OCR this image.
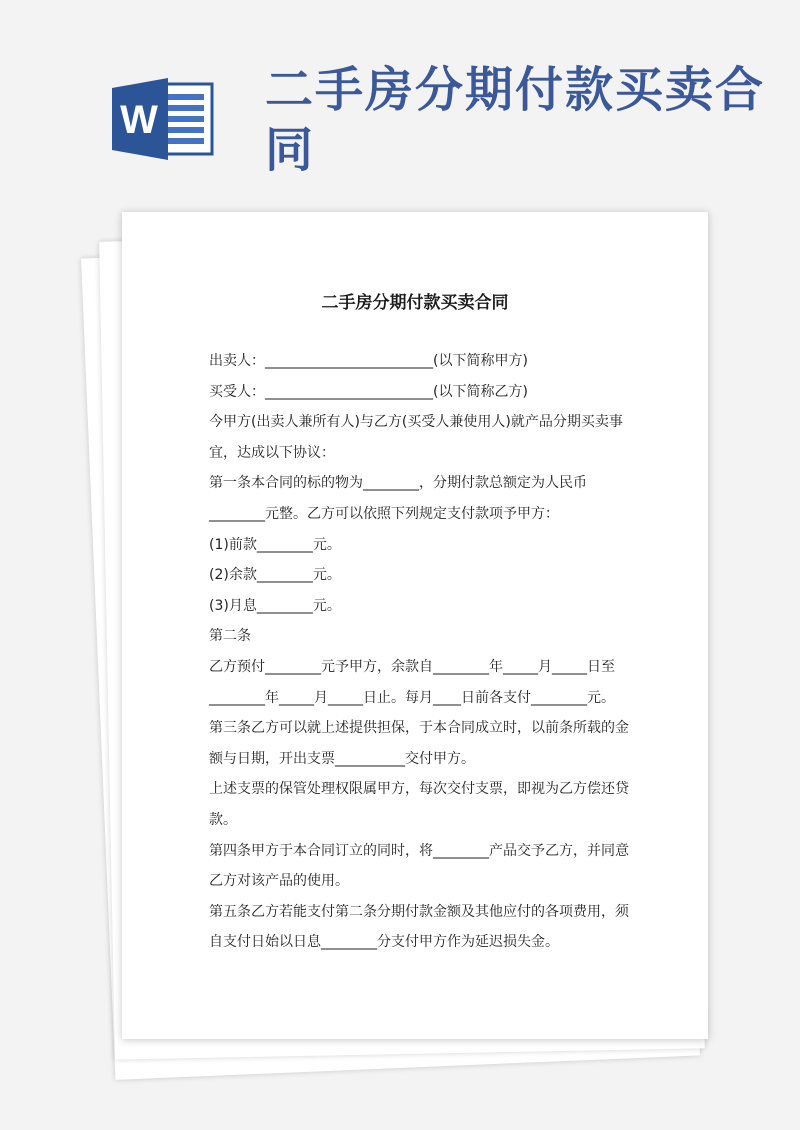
W
二手房分期付款买卖合
同
二手房分期付款买卖合同

出卖人：________________________(以下简称甲方)

买受人：________________________(以下简称乙方)

今甲方(出卖人兼所有人)与乙方(买受人兼使用人)就产品分期买卖事

宜，达成以下协议：

第一条本合同的标的物为________，分期付款总额定为人民币

________元整。乙方可以依照下列规定支付款项予甲方：

(1)前款________元。

(2)余款________元。

(3)月息________元。

第二条

乙方预付________元予甲方，余款自________年_____月_____日至

________年_____月_____日止。每月____日前各支付________元。

第三条乙方可以就上述提供担保，于本合同成立时，以前条所载的金

额与日期，开出支票__________交付甲方。

上述支票的保管处理权限属甲方，每次交付支票，即视为乙方偿还贷

款。

第四条甲方于本合同订立的同时，将________产品交予乙方，并同意

乙方对该产品的使用。

第五条乙方若能支付第二条分期付款金额及其他应付的各项费用，须

自支付日始以日息________分支付甲方作为延迟损失金。
